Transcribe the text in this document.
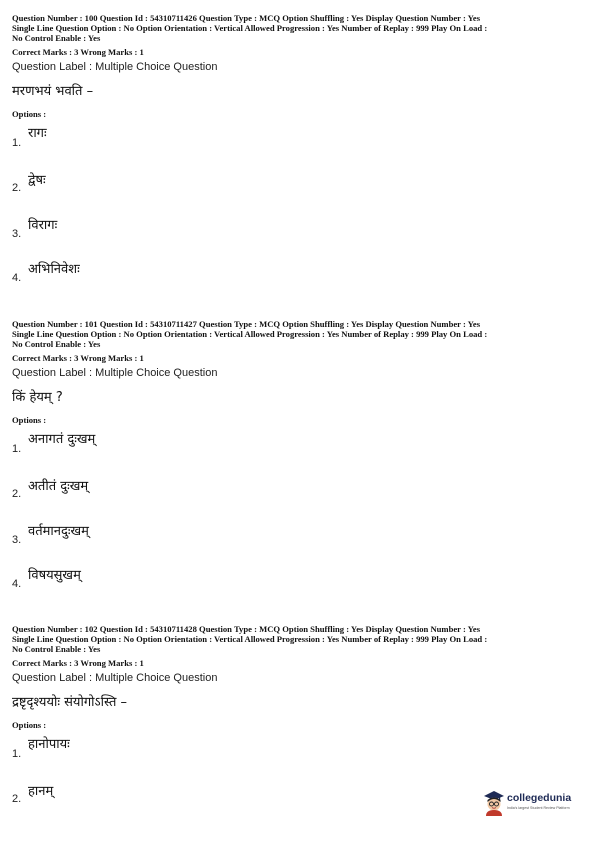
Question Number : 100 Question Id : 54310711426 Question Type : MCQ Option Shuffling : Yes Display Question Number : Yes
Single Line Question Option : No Option Orientation : Vertical Allowed Progression : Yes Number of Replay : 999 Play On Load :
No Control Enable : Yes
Correct Marks : 3 Wrong Marks : 1
Question Label : Multiple Choice Question
मरणभयं भवति –
Options :
रागः
1.
द्वेषः
2.
विरागः
3.
अभिनिवेशः
4.
Question Number : 101 Question Id : 54310711427 Question Type : MCQ Option Shuffling : Yes Display Question Number : Yes
Single Line Question Option : No Option Orientation : Vertical Allowed Progression : Yes Number of Replay : 999 Play On Load :
No Control Enable : Yes
Correct Marks : 3 Wrong Marks : 1
Question Label : Multiple Choice Question
किं हेयम् ?
Options :
अनागतं दुःखम्
1.
अतीतं दुःखम्
2.
वर्तमानदुःखम्
3.
विषयसुखम्
4.
Question Number : 102 Question Id : 54310711428 Question Type : MCQ Option Shuffling : Yes Display Question Number : Yes
Single Line Question Option : No Option Orientation : Vertical Allowed Progression : Yes Number of Replay : 999 Play On Load :
No Control Enable : Yes
Correct Marks : 3 Wrong Marks : 1
Question Label : Multiple Choice Question
द्रष्टृदृश्ययोः संयोगोऽस्ति –
Options :
हानोपायः
1.
हानम्
2.	collegedunia
India's largest Student Review Platform
